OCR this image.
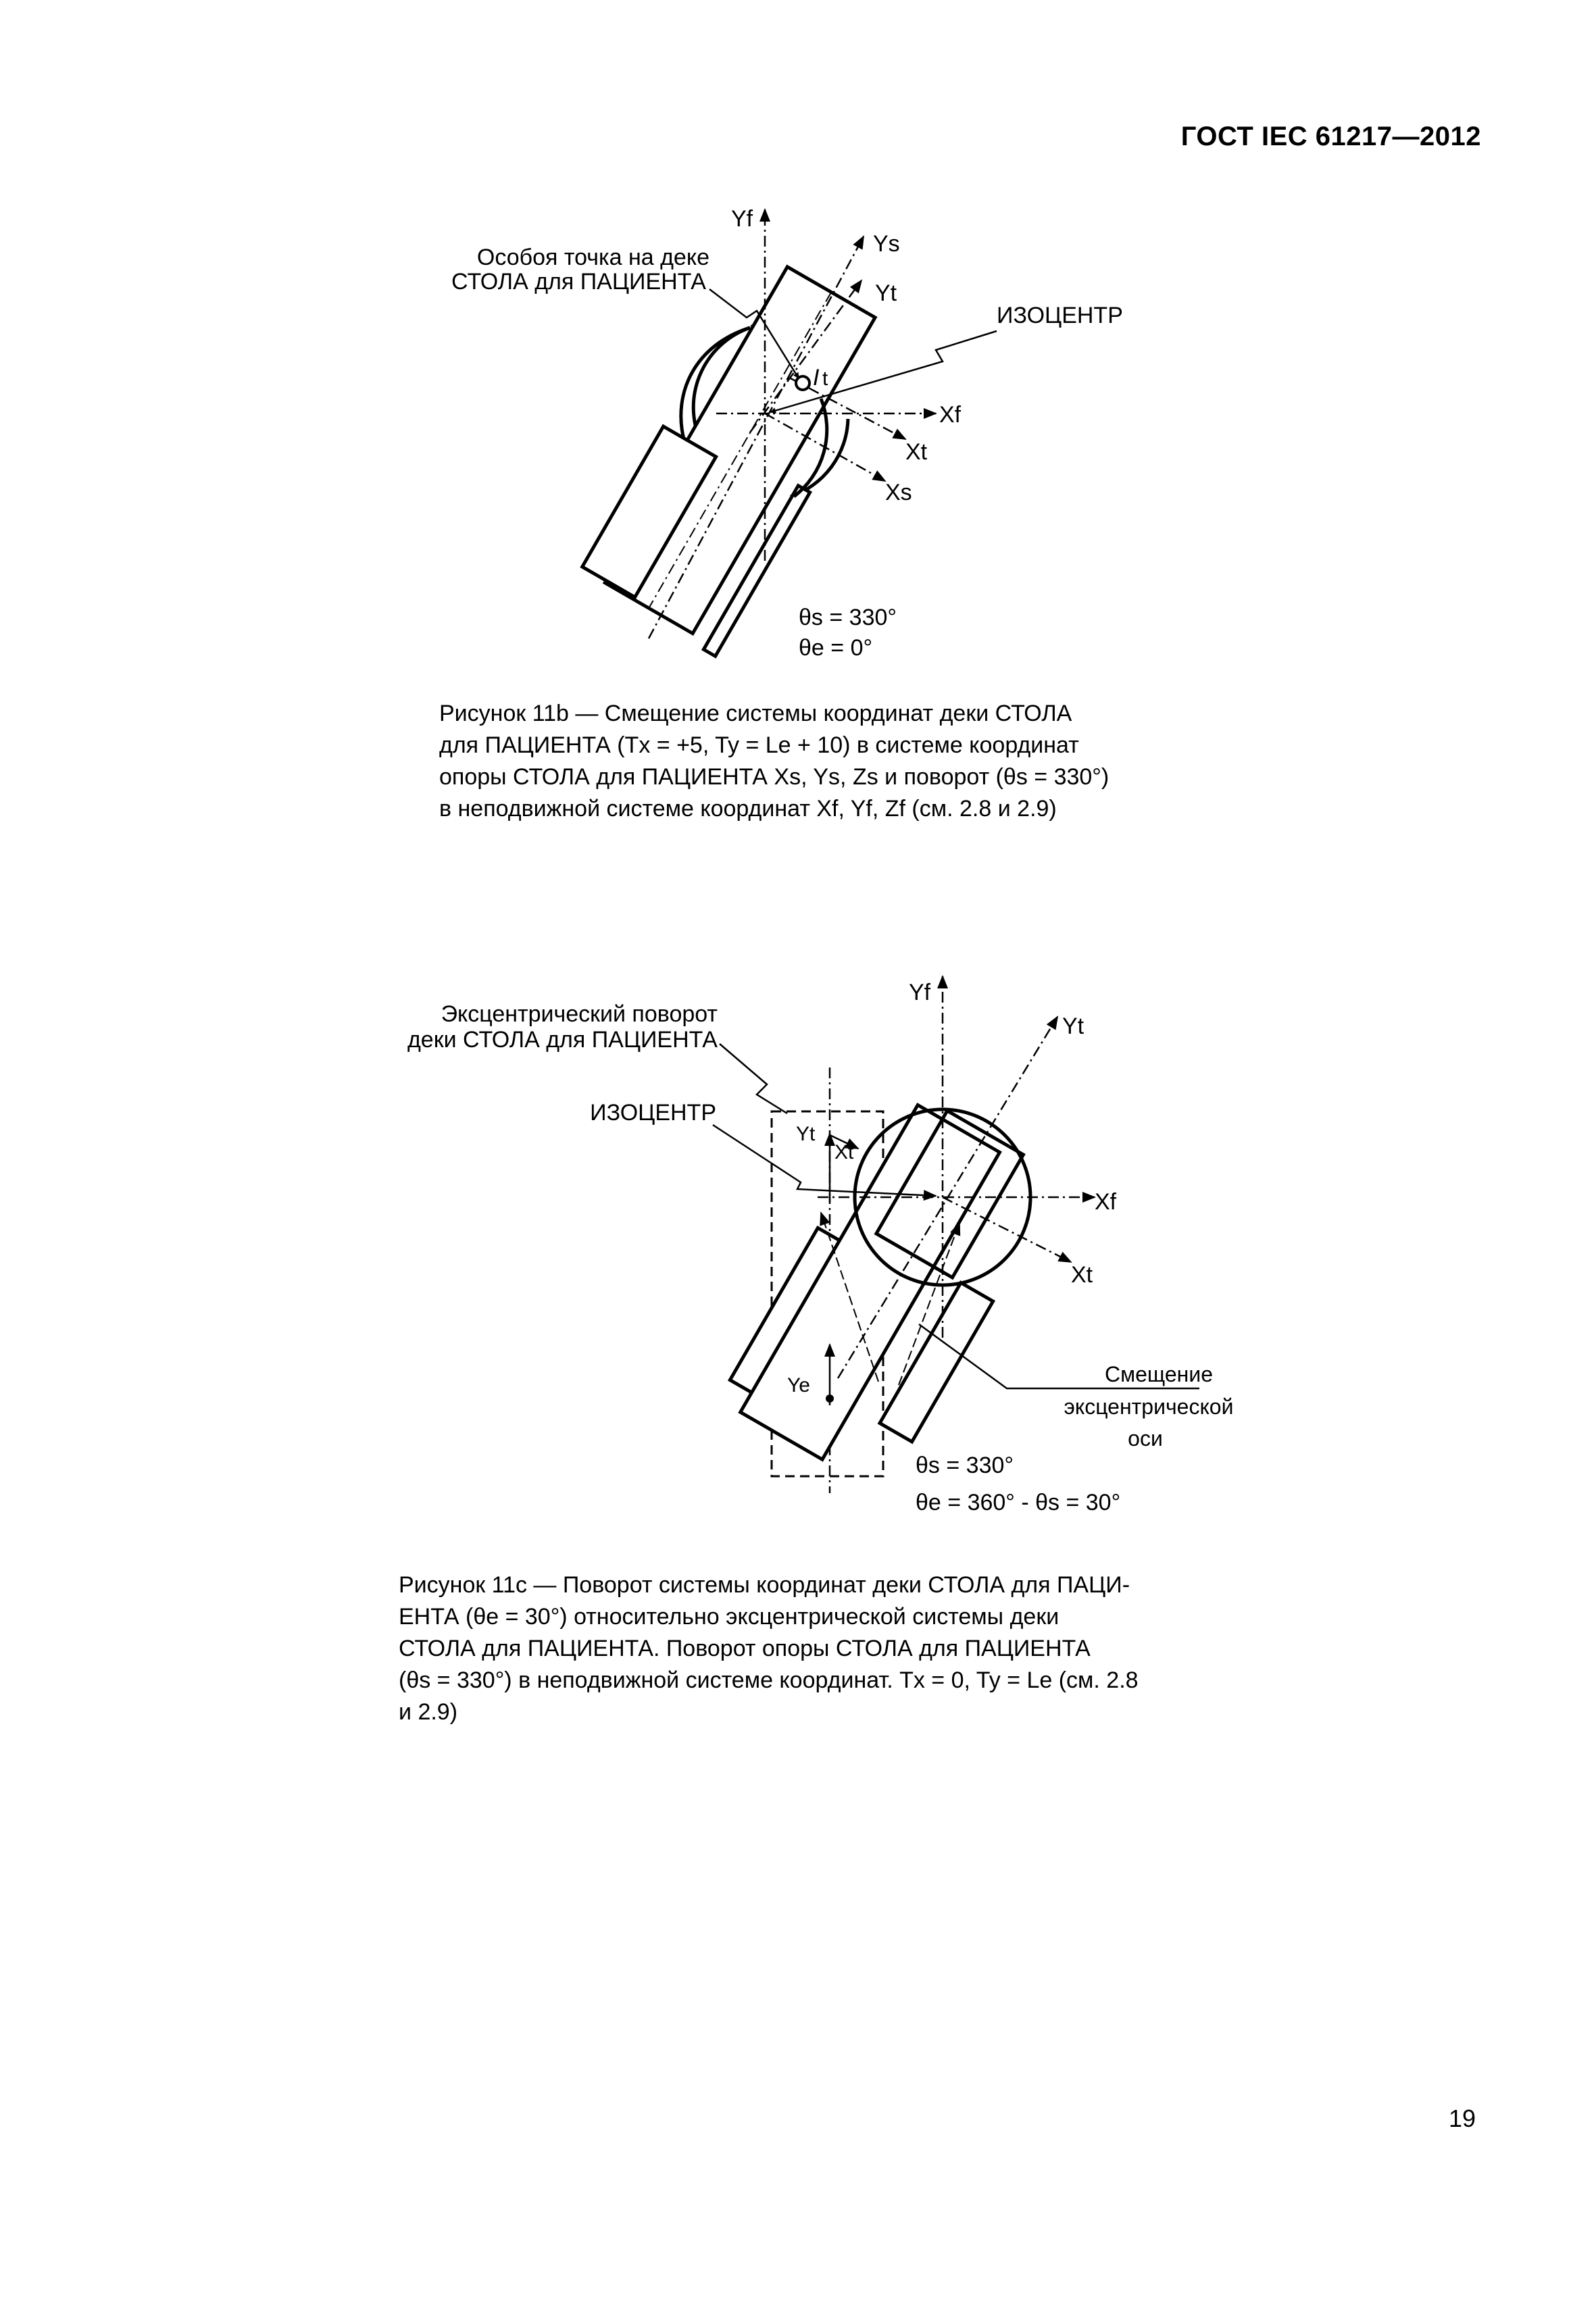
ГОСТ IEC 61217—2012
Yf
Ys
Yt
Xf
Xt
Xs
I t
Особоя точка на деке
СТОЛА для ПАЦИЕНТА
ИЗОЦЕНТР
θs = 330°
θe = 0°
Рисунок 11b — Смещение системы координат деки СТОЛА
для ПАЦИЕНТА (Tx = +5, Ty = Le + 10) в системе координат
опоры СТОЛА для ПАЦИЕНТА Xs, Ys, Zs и поворот (θs = 330°)
в неподвижной системе координат Xf, Yf, Zf (см. 2.8 и 2.9)
Yf
Yt
Xf
Xt
Yt
Xt
Ye
Эксцентрический поворот
деки СТОЛА для ПАЦИЕНТА
ИЗОЦЕНТР
Смещение
эксцентрической
оси
θs = 330°
θe = 360° - θs = 30°
Рисунок 11c — Поворот системы координат деки СТОЛА для ПАЦИ-
ЕНТА (θe = 30°) относительно эксцентрической системы деки
СТОЛА для ПАЦИЕНТА. Поворот опоры СТОЛА для ПАЦИЕНТА
(θs = 330°) в неподвижной системе координат. Tx = 0, Ty = Le (см. 2.8
и 2.9)
19
